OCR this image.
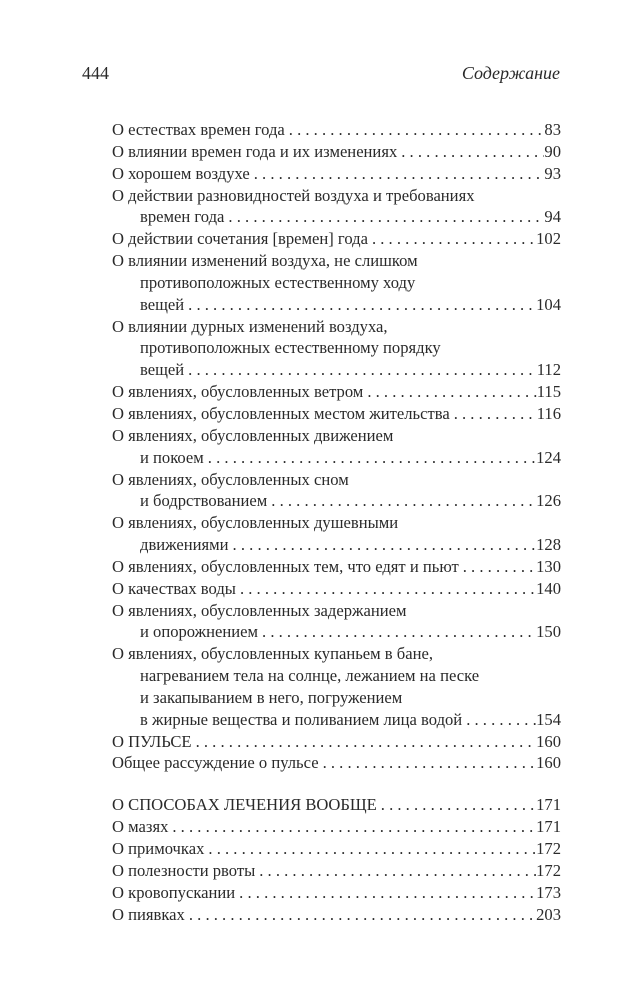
444	Содержание
О естествах времен года . . .	83
О влиянии времен года и их изменениях . . .	90
О хорошем воздухе . . .	93
О действии разновидностей воздуха и требованиях
времен года . . .	94
О действии сочетания [времен] года . . .	102
О влиянии изменений воздуха, не слишком
противоположных естественному ходу
вещей . . .	104
О влиянии дурных изменений воздуха,
противоположных естественному порядку
вещей . . .	112
О явлениях, обусловленных ветром . . .	115
О явлениях, обусловленных местом жительства . . .	116
О явлениях, обусловленных движением
и покоем . . .	124
О явлениях, обусловленных сном
и бодрствованием . . .	126
О явлениях, обусловленных душевными
движениями . . .	128
О явлениях, обусловленных тем, что едят и пьют . . .	130
О качествах воды . . .	140
О явлениях, обусловленных задержанием
и опорожнением . . .	150
О явлениях, обусловленных купаньем в бане,
нагреванием тела на солнце, лежанием на песке
и закапыванием в него, погружением
в жирные вещества и поливанием лица водой . . .	154
О ПУЛЬСЕ . . .	160
Общее рассуждение о пульсе . . .	160
О СПОСОБАХ ЛЕЧЕНИЯ ВООБЩЕ . . .	171
О мазях . . .	171
О примочках . . .	172
О полезности рвоты . . .	172
О кровопускании . . .	173
О пиявках . . .	203
